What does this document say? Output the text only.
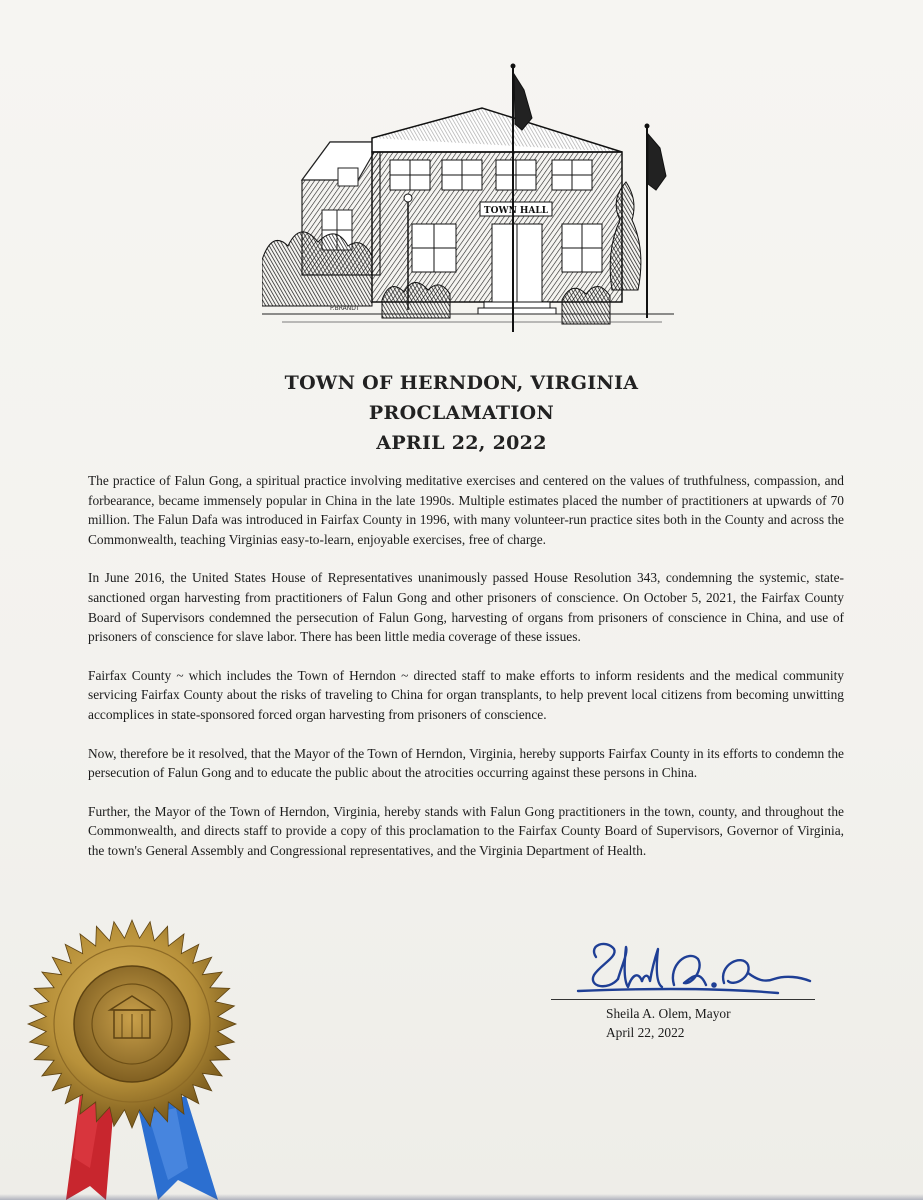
TOWN HALL
P.BRANDT
TOWN OF HERNDON, VIRGINIA
PROCLAMATION
APRIL 22, 2022

The practice of Falun Gong, a spiritual practice involving meditative exercises and centered on the values of truthfulness, compassion, and forbearance, became immensely popular in China in the late 1990s. Multiple estimates placed the number of practitioners at upwards of 70 million. The Falun Dafa was introduced in Fairfax County in 1996, with many volunteer-run practice sites both in the County and across the Commonwealth, teaching Virginias easy-to-learn, enjoyable exercises, free of charge.

In June 2016, the United States House of Representatives unanimously passed House Resolution 343, condemning the systemic, state-sanctioned organ harvesting from practitioners of Falun Gong and other prisoners of conscience. On October 5, 2021, the Fairfax County Board of Supervisors condemned the persecution of Falun Gong, harvesting of organs from prisoners of conscience in China, and use of prisoners of conscience for slave labor. There has been little media coverage of these issues.

Fairfax County ~ which includes the Town of Herndon ~ directed staff to make efforts to inform residents and the medical community servicing Fairfax County about the risks of traveling to China for organ transplants, to help prevent local citizens from becoming unwitting accomplices in state-sponsored forced organ harvesting from prisoners of conscience.

Now, therefore be it resolved, that the Mayor of the Town of Herndon, Virginia, hereby supports Fairfax County in its efforts to condemn the persecution of Falun Gong and to educate the public about the atrocities occurring against these persons in China.

Further, the Mayor of the Town of Herndon, Virginia, hereby stands with Falun Gong practitioners in the town, county, and throughout the Commonwealth, and directs staff to provide a copy of this proclamation to the Fairfax County Board of Supervisors, Governor of Virginia, the town's General Assembly and Congressional representatives, and the Virginia Department of Health.

Sheila A. Olem, Mayor
April 22, 2022
